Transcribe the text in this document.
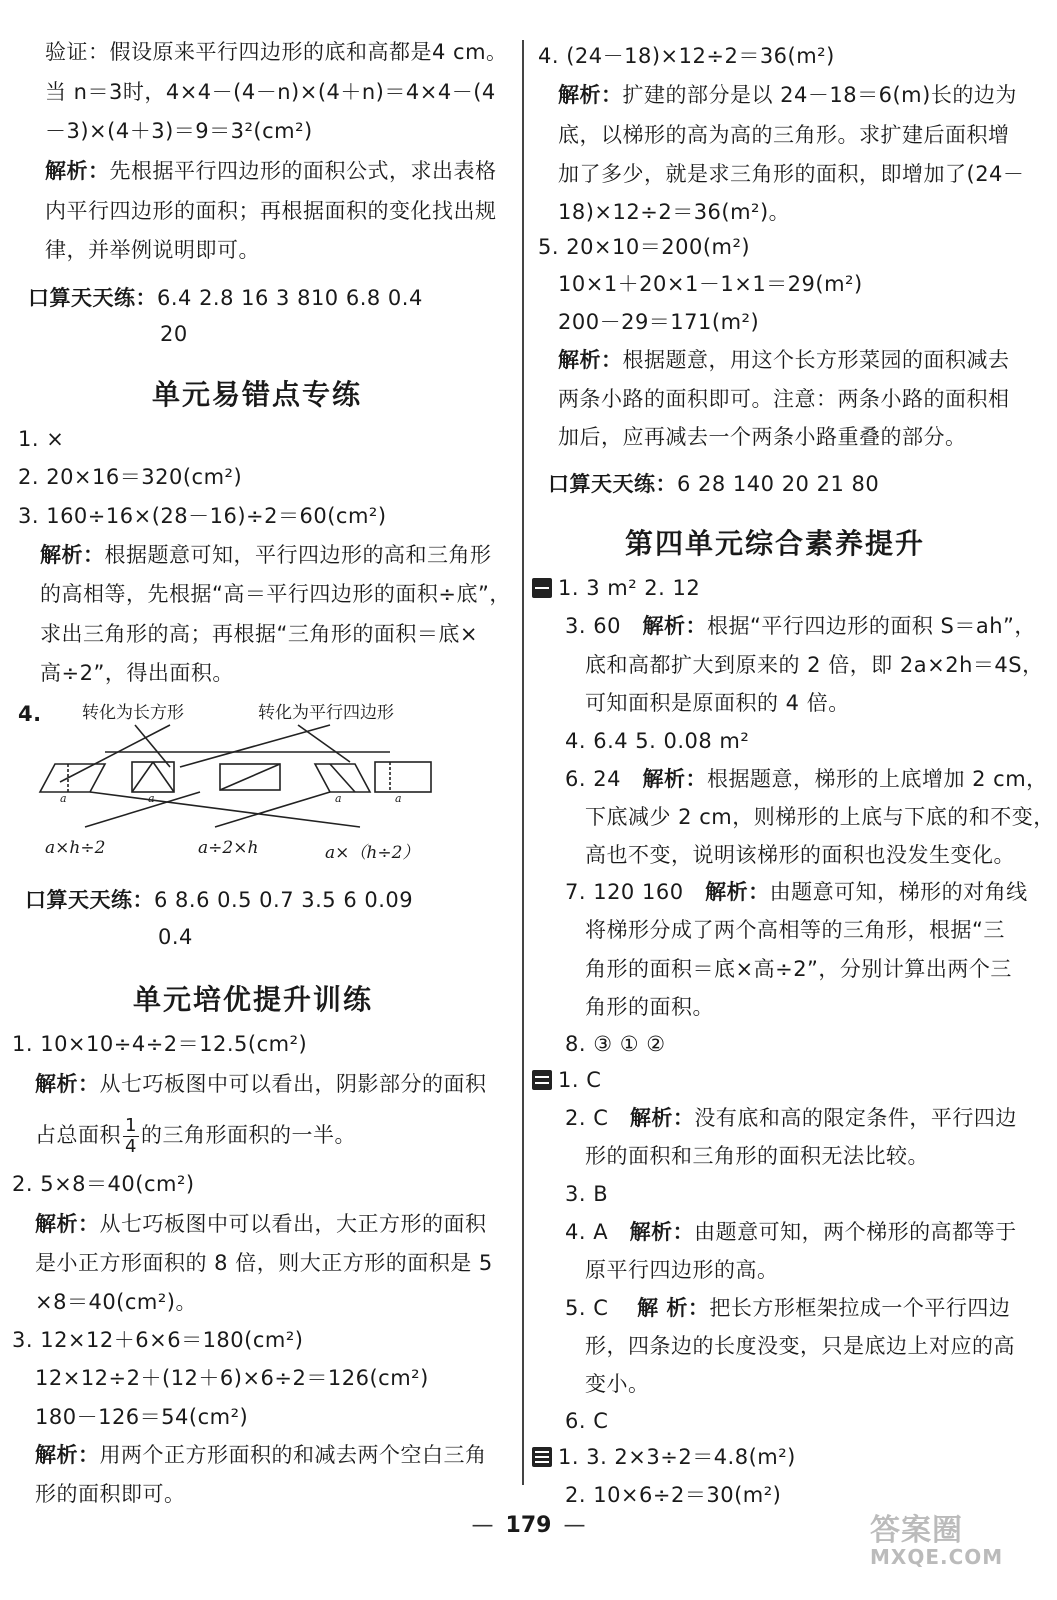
验证：假设原来平行四边形的底和高都是4 cm。
当 n＝3时，4×4－(4－n)×(4＋n)＝4×4－(4
－3)×(4＋3)＝9＝3²(cm²)
解析：先根据平行四边形的面积公式，求出表格
内平行四边形的面积；再根据面积的变化找出规
律，并举例说明即可。
口算天天练：6.4 2.8 16 3 810 6.8 0.4
20
单元易错点专练
1. ×
2. 20×16＝320(cm²)
3. 160÷16×(28－16)÷2＝60(cm²)
解析：根据题意可知，平行四边形的高和三角形
的高相等，先根据“高＝平行四边形的面积÷底”，
求出三角形的高；再根据“三角形的面积＝底×
高÷2”，得出面积。
4. 转化为长方形	转化为平行四边形
a	a	a	a
a×h÷2	a÷2×h	a×（h÷2）
口算天天练：6 8.6 0.5 0.7 3.5 6 0.09
0.4
单元培优提升训练
1. 10×10÷4÷2＝12.5(cm²)
解析：从七巧板图中可以看出，阴影部分的面积
占总面积 $\frac{1}{4}$ 的三角形面积的一半。
2. 5×8＝40(cm²)
解析：从七巧板图中可以看出，大正方形的面积
是小正方形面积的 8 倍，则大正方形的面积是 5
×8＝40(cm²)。
3. 12×12＋6×6＝180(cm²)
12×12÷2＋(12＋6)×6÷2＝126(cm²)
180－126＝54(cm²)
解析：用两个正方形面积的和减去两个空白三角
形的面积即可。
4. (24－18)×12÷2＝36(m²)
解析：扩建的部分是以 24－18＝6(m)长的边为
底，以梯形的高为高的三角形。求扩建后面积增
加了多少，就是求三角形的面积，即增加了(24－
18)×12÷2＝36(m²)。
5. 20×10＝200(m²)
10×1＋20×1－1×1＝29(m²)
200－29＝171(m²)
解析：根据题意，用这个长方形菜园的面积减去
两条小路的面积即可。注意：两条小路的面积相
加后，应再减去一个两条小路重叠的部分。
口算天天练：6 28 140 20 21 80
第四单元综合素养提升
1. 3 m² 2. 12
3. 60 解析：根据“平行四边形的面积 S＝ah”，
底和高都扩大到原来的 2 倍，即 2a×2h＝4S，
可知面积是原面积的 4 倍。
4. 6.4 5. 0.08 m²
6. 24 解析：根据题意，梯形的上底增加 2 cm，
下底减少 2 cm，则梯形的上底与下底的和不变，
高也不变，说明该梯形的面积也没发生变化。
7. 120 160 解析：由题意可知，梯形的对角线
将梯形分成了两个高相等的三角形，根据“三
角形的面积＝底×高÷2”，分别计算出两个三
角形的面积。
8. ③ ① ②
1. C
2. C 解析：没有底和高的限定条件，平行四边
形的面积和三角形的面积无法比较。
3. B
4. A 解析：由题意可知，两个梯形的高都等于
原平行四边形的高。
5. C 解 析：把长方形框架拉成一个平行四边
形，四条边的长度没变，只是底边上对应的高
变小。
6. C
1. 3. 2×3÷2＝4.8(m²)
2. 10×6÷2＝30(m²)
— 179 —	答案圈
MXQE.COM
